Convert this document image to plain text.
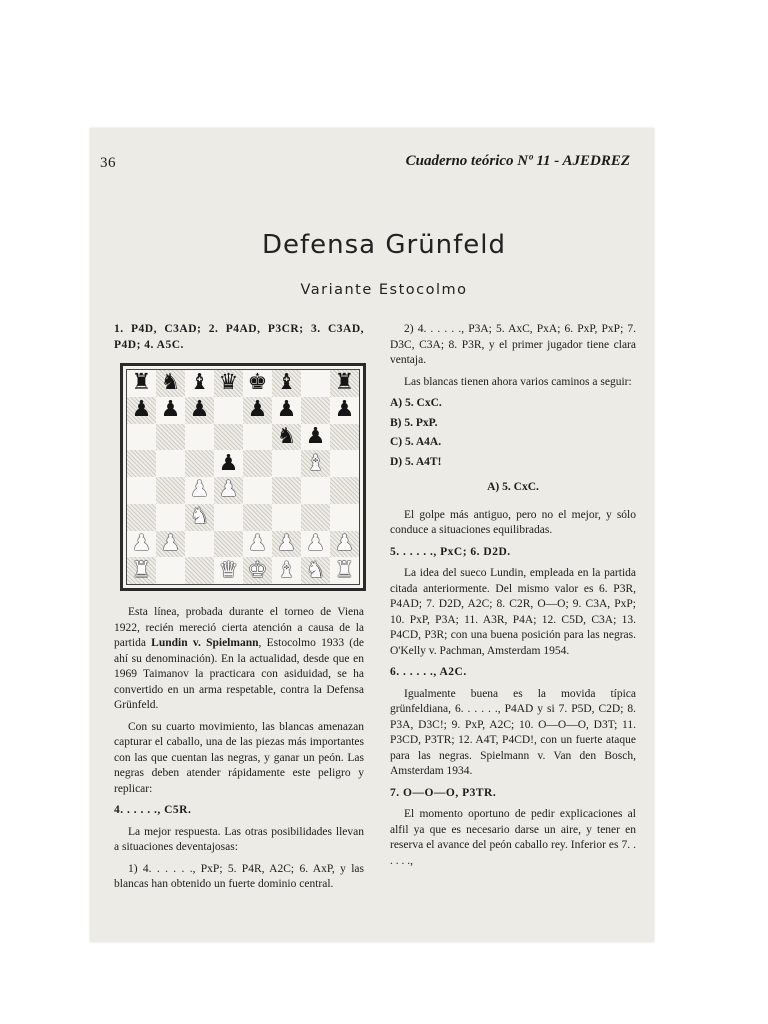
36	Cuaderno teórico Nº 11 - AJEDREZ
Defensa Grünfeld
Variante Estocolmo

1. P4D, C3AD; 2. P4AD, P3CR; 3. C3AD, P4D; 4. A5C.

♜ ♞ ♝ ♛ ♚ ♝ ♜
♟ ♟ ♟ ♟ ♟ ♟
♞ ♟
♟	♝
♟ ♟
♞
♟ ♟	♟ ♟ ♟ ♟
♜	♛ ♚ ♝ ♞ ♜

Esta línea, probada durante el torneo de Viena 1922, recién mereció cierta atención a causa de la partida Lundin v. Spielmann, Estocolmo 1933 (de ahí su denominación). En la actualidad, desde que en 1969 Taimanov la practicara con asiduidad, se ha convertido en un arma respetable, contra la Defensa Grünfeld.

Con su cuarto movimiento, las blancas amenazan capturar el caballo, una de las piezas más importantes con las que cuentan las negras, y ganar un peón. Las negras deben atender rápidamente este peligro y replicar:

4. . . . . ., C5R.

La mejor respuesta. Las otras posibilidades llevan a situaciones deventajosas:

1) 4. . . . . ., PxP; 5. P4R, A2C; 6. AxP, y las blancas han obtenido un fuerte dominio central.

2) 4. . . . . ., P3A; 5. AxC, PxA; 6. PxP, PxP; 7. D3C, C3A; 8. P3R, y el primer jugador tiene clara ventaja.

Las blancas tienen ahora varios caminos a seguir:

A) 5. CxC.
B) 5. PxP.
C) 5. A4A.
D) 5. A4T!
A) 5. CxC.

El golpe más antiguo, pero no el mejor, y sólo conduce a situaciones equilibradas.

5. . . . . ., PxC; 6. D2D.

La idea del sueco Lundin, empleada en la partida citada anteriormente. Del mismo valor es 6. P3R, P4AD; 7. D2D, A2C; 8. C2R, O—O; 9. C3A, PxP; 10. PxP, P3A; 11. A3R, P4A; 12. C5D, C3A; 13. P4CD, P3R; con una buena posición para las negras. O'Kelly v. Pachman, Amsterdam 1954.

6. . . . . ., A2C.

Igualmente buena es la movida típica grünfeldiana, 6. . . . . ., P4AD y si 7. P5D, C2D; 8. P3A, D3C!; 9. PxP, A2C; 10. O—O—O, D3T; 11. P3CD, P3TR; 12. A4T, P4CD!, con un fuerte ataque para las negras. Spielmann v. Van den Bosch, Amsterdam 1934.

7. O—O—O, P3TR.

El momento oportuno de pedir explicaciones al alfil ya que es necesario darse un aire, y tener en reserva el avance del peón caballo rey. Inferior es 7. . . . . .,
